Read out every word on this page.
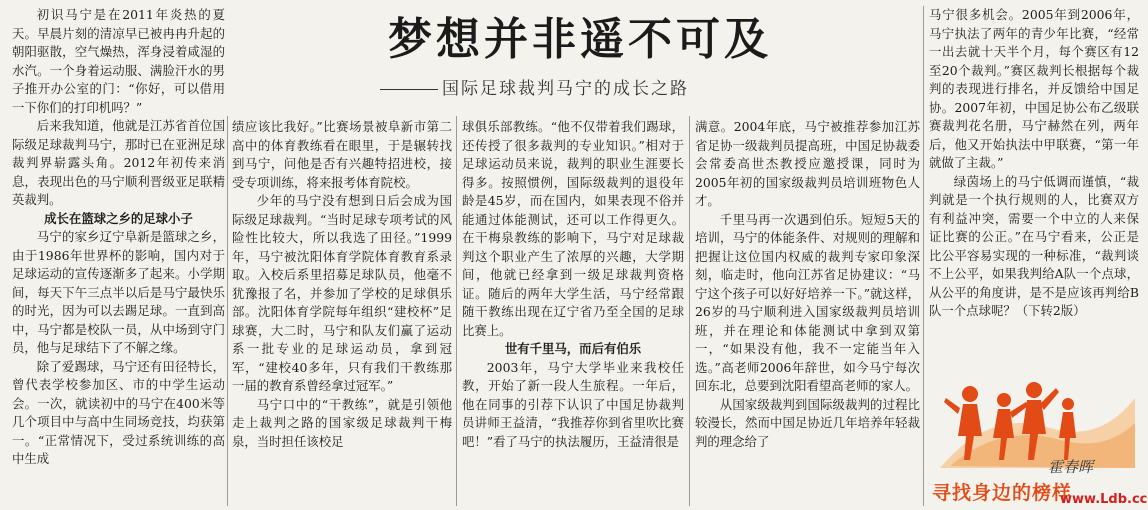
梦想并非遥不可及
国际足球裁判马宁的成长之路

初识马宁是在2011年炎热的夏天。早晨片刻的清凉早已被冉冉升起的朝阳驱散，空气燥热，浑身浸着咸湿的水汽。一个身着运动服、满脸汗水的男子推开办公室的门：“你好，可以借用一下你们的打印机吗？”

后来我知道，他就是江苏省首位国际级足球裁判马宁，那时已在亚洲足球裁判界崭露头角。2012年初传来消息，表现出色的马宁顺利晋级亚足联精英裁判。

成长在篮球之乡的足球小子

马宁的家乡辽宁阜新是篮球之乡，由于1986年世界杯的影响，国内对于足球运动的宣传逐渐多了起来。小学期间，每天下午三点半以后是马宁最快乐的时光，因为可以去踢足球。一直到高中，马宁都是校队一员，从中场到守门员，他与足球结下了不解之缘。

除了爱踢球，马宁还有田径特长，曾代表学校参加区、市的中学生运动会。一次，就读初中的马宁在400米等几个项目中与高中生同场竞技，均获第一。“正常情况下，受过系统训练的高中生成

绩应该比我好。”比赛场景被阜新市第二高中的体育教练看在眼里，于是辗转找到马宁，问他是否有兴趣特招进校，接受专项训练，将来报考体育院校。

少年的马宁没有想到日后会成为国际级足球裁判。“当时足球专项考试的风险性比较大，所以我选了田径。”1999年，马宁被沈阳体育学院体育教育系录取。入校后系里招募足球队员，他毫不犹豫报了名，并参加了学校的足球俱乐部。沈阳体育学院每年组织“建校杯”足球赛，大二时，马宁和队友们赢了运动系一批专业的足球运动员，拿到冠军，“建校40多年，只有我们干教练那一届的教育系曾经拿过冠军。”

马宁口中的“干教练”，就是引领他走上裁判之路的国家级足球裁判干梅泉，当时担任该校足

球俱乐部教练。“他不仅带着我们踢球，还传授了很多裁判的专业知识。”相对于足球运动员来说，裁判的职业生涯要长得多。按照惯例，国际级裁判的退役年龄是45岁，而在国内，如果表现不俗并能通过体能测试，还可以工作得更久。在干梅泉教练的影响下，马宁对足球裁判这个职业产生了浓厚的兴趣，大学期间，他就已经拿到一级足球裁判资格证。随后的两年大学生活，马宁经常跟随干教练出现在辽宁省乃至全国的足球比赛上。

世有千里马，而后有伯乐

2003年，马宁大学毕业来我校任教，开始了新一段人生旅程。一年后，他在同事的引荐下认识了中国足协裁判员讲师王益清，“我推荐你到省里吹比赛吧！”看了马宁的执法履历，王益清很是

满意。2004年底，马宁被推荐参加江苏省足协一级裁判员提高班，中国足协裁委会常委高世杰教授应邀授课，同时为2005年初的国家级裁判员培训班物色人才。

千里马再一次遇到伯乐。短短5天的培训，马宁的体能条件、对规则的理解和把握让这位国内权威的裁判专家印象深刻，临走时，他向江苏省足协建议：“马宁这个孩子可以好好培养一下。”就这样，26岁的马宁顺利进入国家级裁判员培训班，并在理论和体能测试中拿到双第一，“如果没有他，我不一定能当年入选。”高老师2006年辞世，如今马宁每次回东北，总要到沈阳看望高老师的家人。

从国家级裁判到国际级裁判的过程比较漫长，然而中国足协近几年培养年轻裁判的理念给了

马宁很多机会。2005年到2006年，马宁执法了两年的青少年比赛，“经常一出去就十天半个月，每个赛区有12至20个裁判。”赛区裁判长根据每个裁判的表现进行排名，并反馈给中国足协。2007年初，中国足协公布乙级联赛裁判花名册，马宁赫然在列，两年后，他又开始执法中甲联赛，“第一年就做了主裁。”

绿茵场上的马宁低调而谨慎，“裁判就是一个执行规则的人，比赛双方有利益冲突，需要一个中立的人来保证比赛的公正。”在马宁看来，公正是比公平容易实现的一种标准，“裁判谈不上公平，如果我判给A队一个点球，从公平的角度讲，是不是应该再判给B队一个点球呢？（下转2版）

霍春晖
寻找身边的榜样
www.Ldb.cc
